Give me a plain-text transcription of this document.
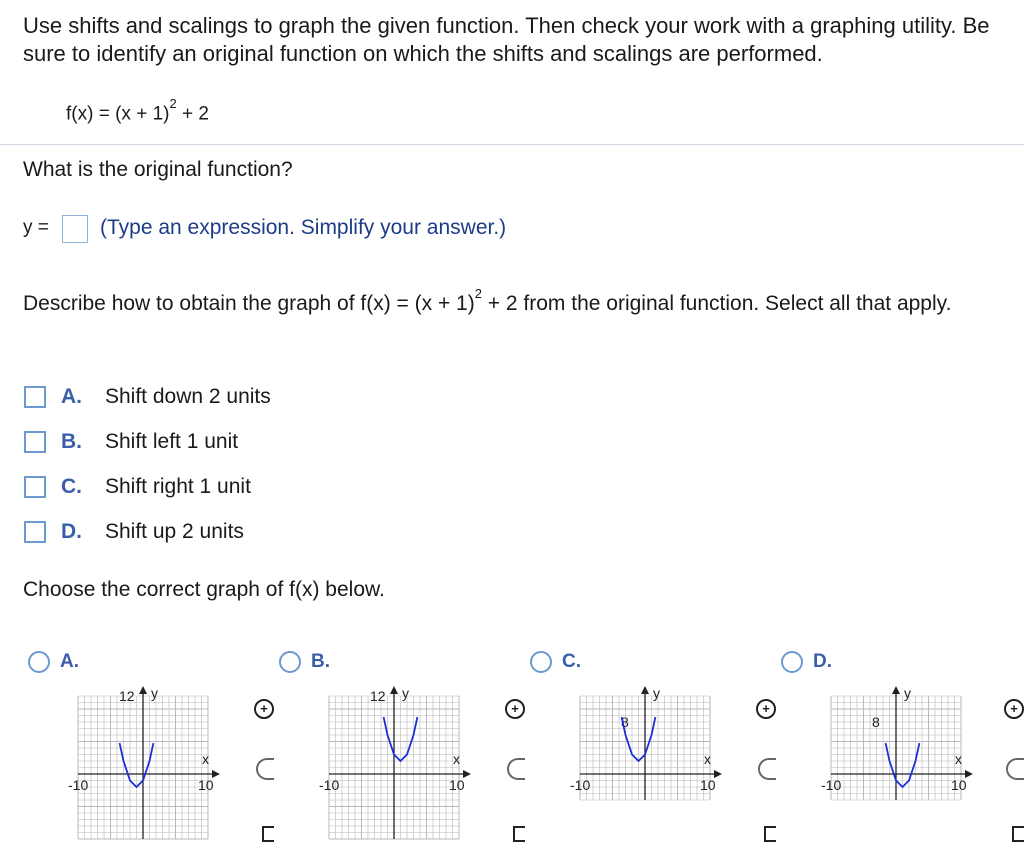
Use shifts and scalings to graph the given function. Then check your work with a graphing utility. Be sure to identify an original function on which the shifts and scalings are performed.
$f(x) = (x + 1)^2 + 2$
What is the original function?
y = (Type an expression. Simplify your answer.)
Describe how to obtain the graph of $f(x) = (x + 1)^2 + 2$ from the original function. Select all that apply.
A.	Shift down 2 units
B.	Shift left 1 unit
C.	Shift right 1 unit
D.	Shift up 2 units
Choose the correct graph of f(x) below.
A.	B.	C.	D.
y
x
12
-10	10
y
x
12
-10	10
y
x
8
-10	10
y
x
8
-10	10
+	+	+	+
